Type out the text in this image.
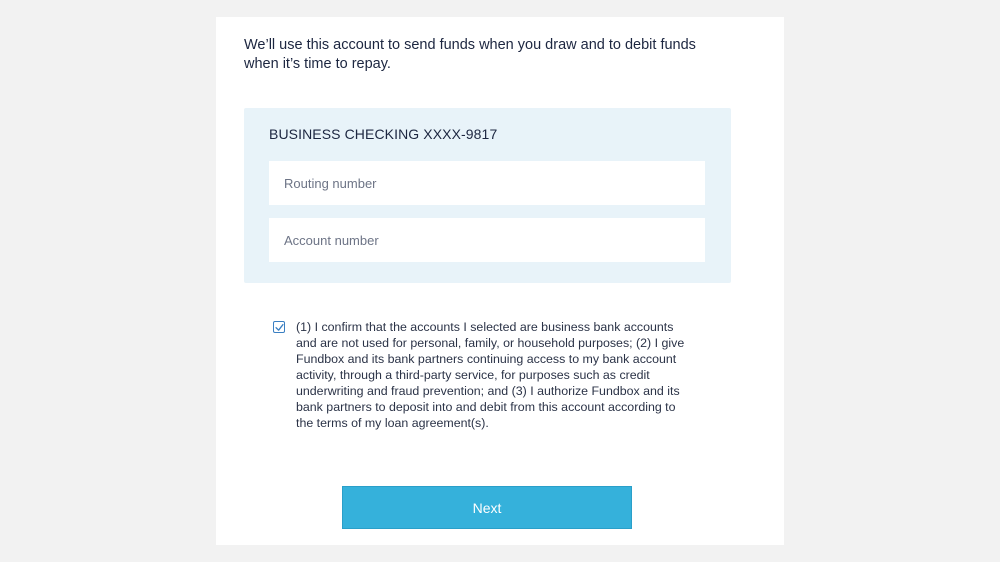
We’ll use this account to send funds when you draw and to debit funds when it’s time to repay.

BUSINESS CHECKING XXXX-9817

Routing number
Account number

(1) I confirm that the accounts I selected are business bank accounts and are not used for personal, family, or household purposes; (2) I give Fundbox and its bank partners continuing access to my bank account activity, through a third-party service, for purposes such as credit underwriting and fraud prevention; and (3) I authorize Fundbox and its bank partners to deposit into and debit from this account according to the terms of my loan agreement(s).

Next
